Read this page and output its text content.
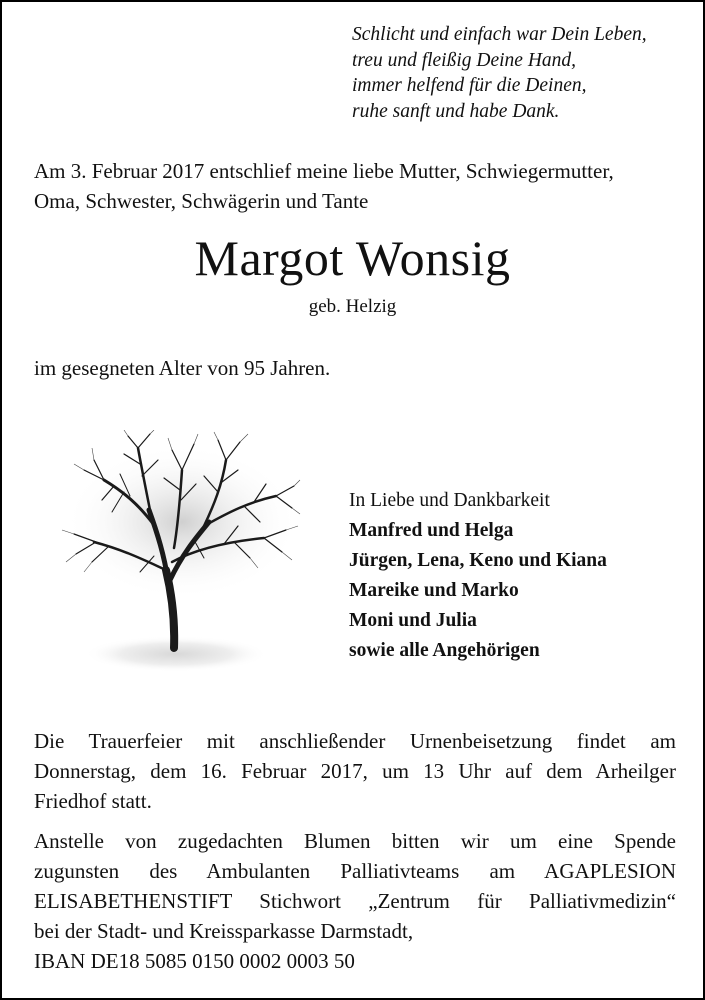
Schlicht und einfach war Dein Leben,
treu und fleißig Deine Hand,
immer helfend für die Deinen,
ruhe sanft und habe Dank.
Am 3. Februar 2017 entschlief meine liebe Mutter, Schwiegermutter,
Oma, Schwester, Schwägerin und Tante
Margot Wonsig
geb. Helzig
im gesegneten Alter von 95 Jahren.
In Liebe und Dankbarkeit
Manfred und Helga
Jürgen, Lena, Keno und Kiana
Mareike und Marko
Moni und Julia
sowie alle Angehörigen
Die Trauerfeier mit anschließender Urnenbeisetzung findet am
Donnerstag, dem 16. Februar 2017, um 13 Uhr auf dem Arheilger
Friedhof statt.
Anstelle von zugedachten Blumen bitten wir um eine Spende
zugunsten des Ambulanten Palliativteams am AGAPLESION
ELISABETHENSTIFT Stichwort „Zentrum für Palliativmedizin“
bei der Stadt- und Kreissparkasse Darmstadt,
IBAN DE18 5085 0150 0002 0003 50
